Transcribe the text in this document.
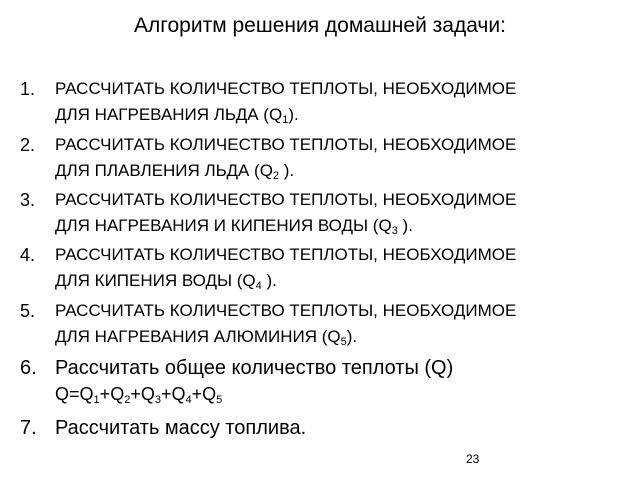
Алгоритм решения домашней задачи:
1. РАССЧИТАТЬ КОЛИЧЕСТВО ТЕПЛОТЫ, НЕОБХОДИМОЕ
ДЛЯ НАГРЕВАНИЯ ЛЬДА $(Q_1)$.
2. РАССЧИТАТЬ КОЛИЧЕСТВО ТЕПЛОТЫ, НЕОБХОДИМОЕ
ДЛЯ ПЛАВЛЕНИЯ ЛЬДА ($Q_2$ ).
3. РАССЧИТАТЬ КОЛИЧЕСТВО ТЕПЛОТЫ, НЕОБХОДИМОЕ
ДЛЯ НАГРЕВАНИЯ И КИПЕНИЯ ВОДЫ ($Q_3$ ).
4. РАССЧИТАТЬ КОЛИЧЕСТВО ТЕПЛОТЫ, НЕОБХОДИМОЕ
ДЛЯ КИПЕНИЯ ВОДЫ ($Q_4$ ).
5. РАССЧИТАТЬ КОЛИЧЕСТВО ТЕПЛОТЫ, НЕОБХОДИМОЕ
ДЛЯ НАГРЕВАНИЯ АЛЮМИНИЯ $(Q_5)$.
6. Рассчитать общее количество теплоты (Q)
$Q=Q_1+Q_2+Q_3+Q_4+Q_5$
7. Рассчитать массу топлива.
23
